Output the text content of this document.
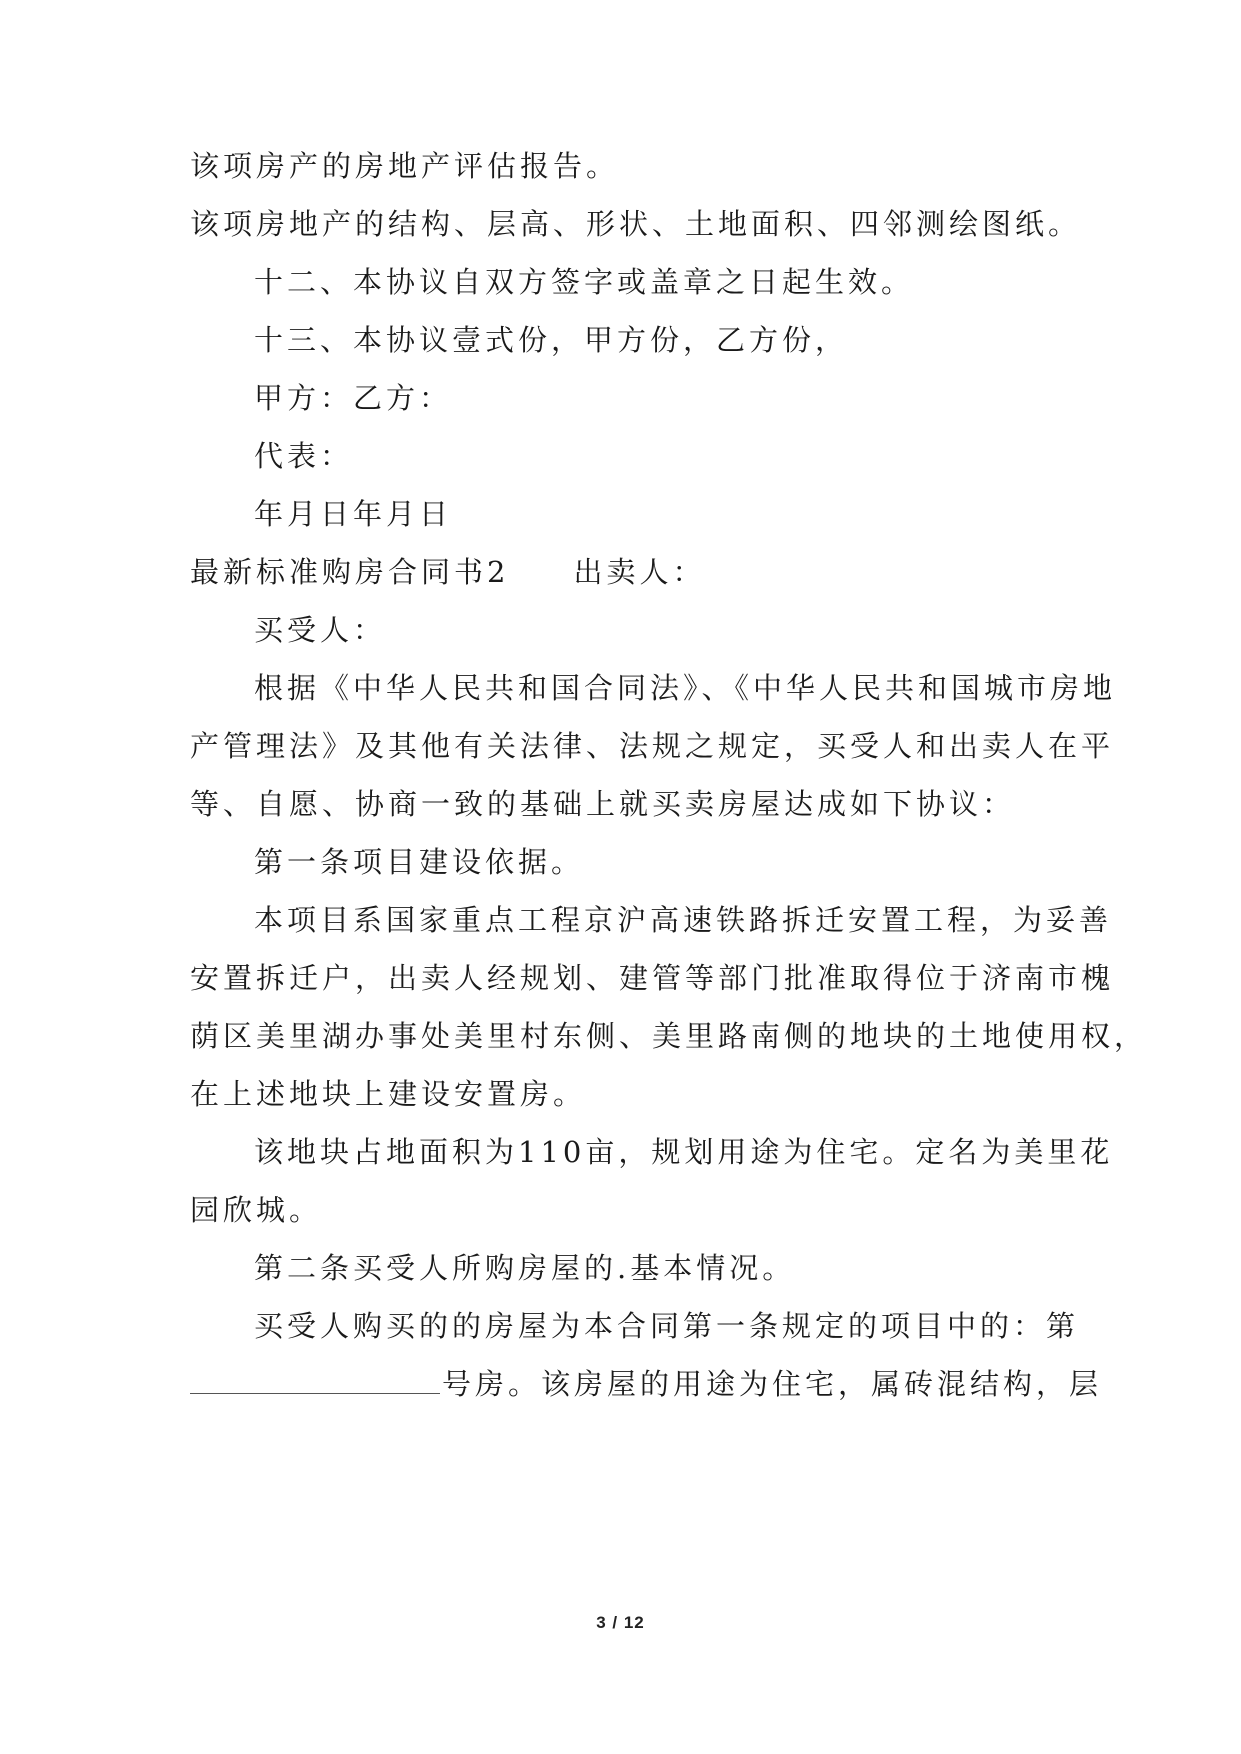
该项房产的房地产评估报告。
该项房地产的结构、层高、形状、土地面积、四邻测绘图纸。
十二、本协议自双方签字或盖章之日起生效。
十三、本协议壹式份，甲方份，乙方份，
甲方：乙方：
代表：
年月日年月日
最新标准购房合同书2 出卖人：
买受人：
根据《中华人民共和国合同法》、《中华人民共和国城市房地
产管理法》及其他有关法律、法规之规定，买受人和出卖人在平
等、自愿、协商一致的基础上就买卖房屋达成如下协议：
第一条项目建设依据。
本项目系国家重点工程京沪高速铁路拆迁安置工程，为妥善
安置拆迁户，出卖人经规划、建管等部门批准取得位于济南市槐
荫区美里湖办事处美里村东侧、美里路南侧的地块的土地使用权，
在上述地块上建设安置房。
该地块占地面积为110亩，规划用途为住宅。定名为美里花
园欣城。
第二条买受人所购房屋的.基本情况。
买受人购买的的房屋为本合同第一条规定的项目中的：第
号房。该房屋的用途为住宅，属砖混结构，层
3 / 12
